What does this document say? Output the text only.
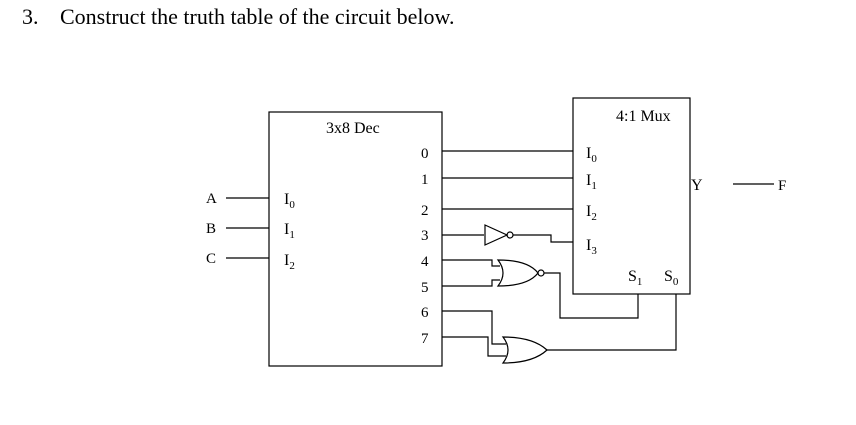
3. Construct the truth table of the circuit below.
3x8 Dec
$I_0$
$I_1$
$I_2$
A
B
C
0
1
2
3
4
5
6
7
4:1 Mux
$I_0$
$I_1$
$I_2$
$I_3$
$S_1$ $S_0$
Y	F
